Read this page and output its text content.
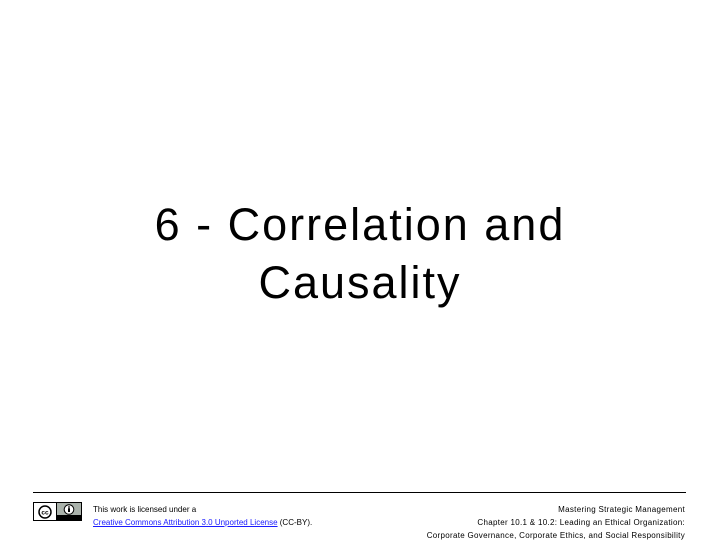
6 - Correlation and
Causality
cc	This work is licensed under a
Creative Commons Attribution 3.0 Unported License (CC-BY).
Mastering Strategic Management
Chapter 10.1 & 10.2: Leading an Ethical Organization:
Corporate Governance, Corporate Ethics, and Social Responsibility
